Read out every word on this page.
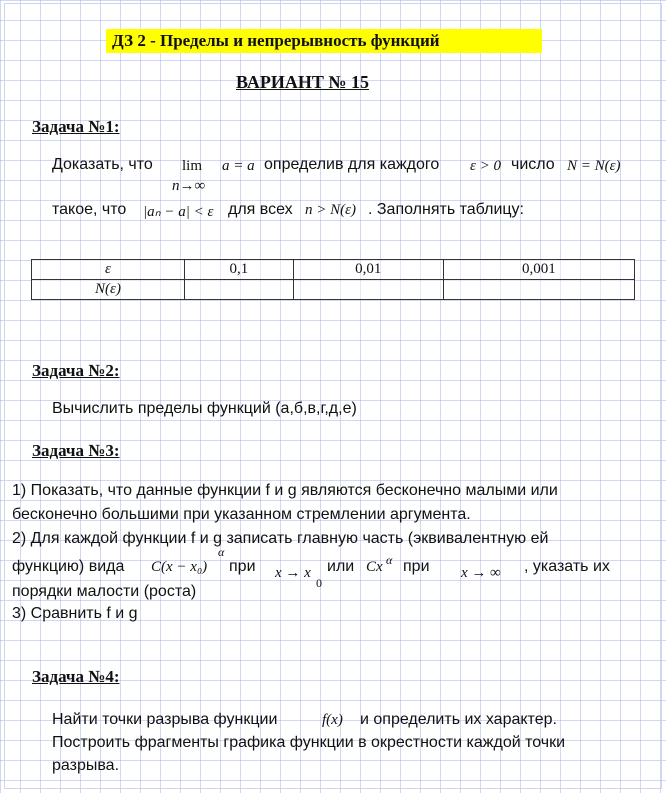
ДЗ 2 - Пределы и непрерывность функций
ВАРИАНТ № 15
Задача №1:
Доказать, что lim
n→∞
a = a определив для каждого ε > 0 число N = N(ε)
такое, что |aₙ − a| < ε для всех n > N(ε) . Заполнять таблицу:
ε	0,1	0,01	0,001
N(ε)			
Задача №2:
Вычислить пределы функций (а,б,в,г,д,е)
Задача №3:
1) Показать, что данные функции f и g являются бесконечно малыми или
бесконечно большими при указанном стремлении аргумента.
2) Для каждой функции f и g записать главную часть (эквивалентную ей
функцию) вида C(x − x₀)
α
при x → x
0
или Cx α при x → ∞ , указать их
порядки малости (роста)
3) Сравнить f и g
Задача №4:
Найти точки разрыва функции	f(x) и определить их характер.
Построить фрагменты графика функции в окрестности каждой точки
разрыва.
